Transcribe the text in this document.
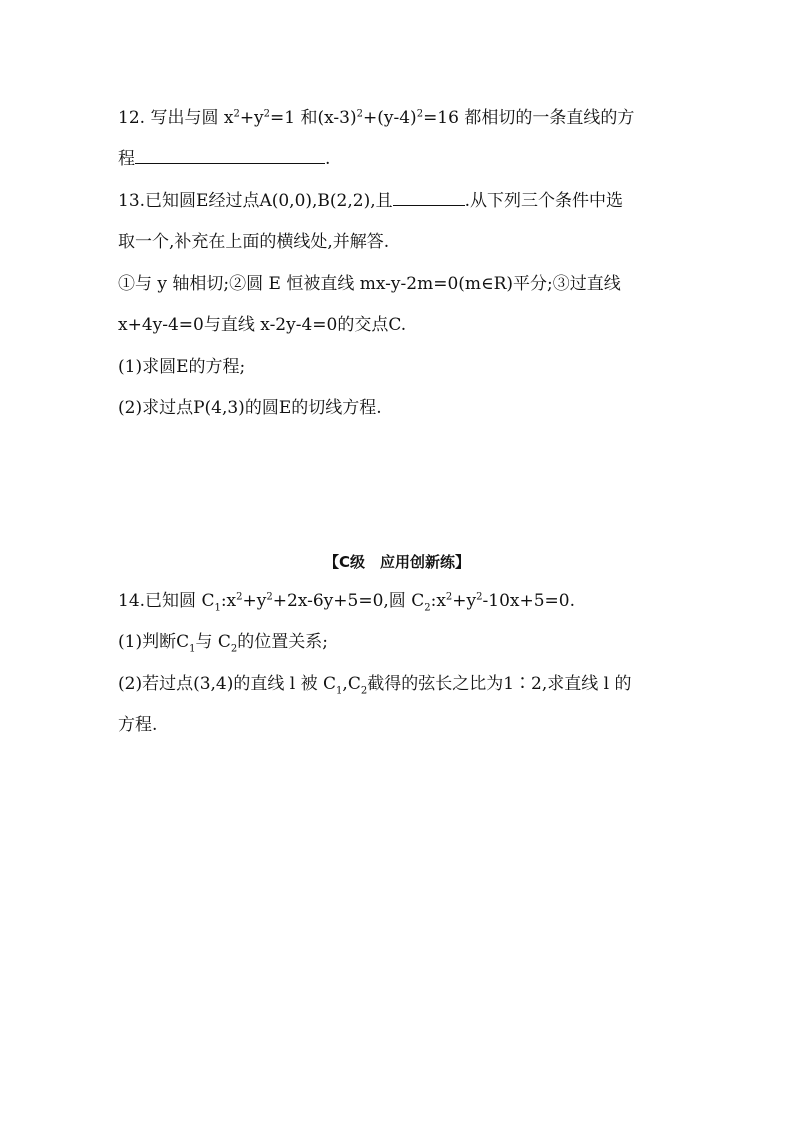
12. 写出与圆 $x^2+y^2=1$ 和$(x-3)^2+(y-4)^2=16$ 都相切的一条直线的方
程	.
13.已知圆E经过点A(0,0),B(2,2),且	.从下列三个条件中选
取一个,补充在上面的横线处,并解答.
①与 y 轴相切;②圆 E 恒被直线 mx-y-2m=0(m∈R)平分;③过直线
x+4y-4=0与直线 x-2y-4=0的交点C.
(1)求圆E的方程;
(2)求过点P(4,3)的圆E的切线方程.
【C级　应用创新练】
14.已知圆 $C_1:x^2+y^2+2x-6y+5=0$,圆 $C_2:x^2+y^2-10x+5=0$.
(1)判断$C_1$与 $C_2$的位置关系;
(2)若过点(3,4)的直线 l 被 $C_1,C_2$截得的弦长之比为1∶2,求直线 l 的
方程.
